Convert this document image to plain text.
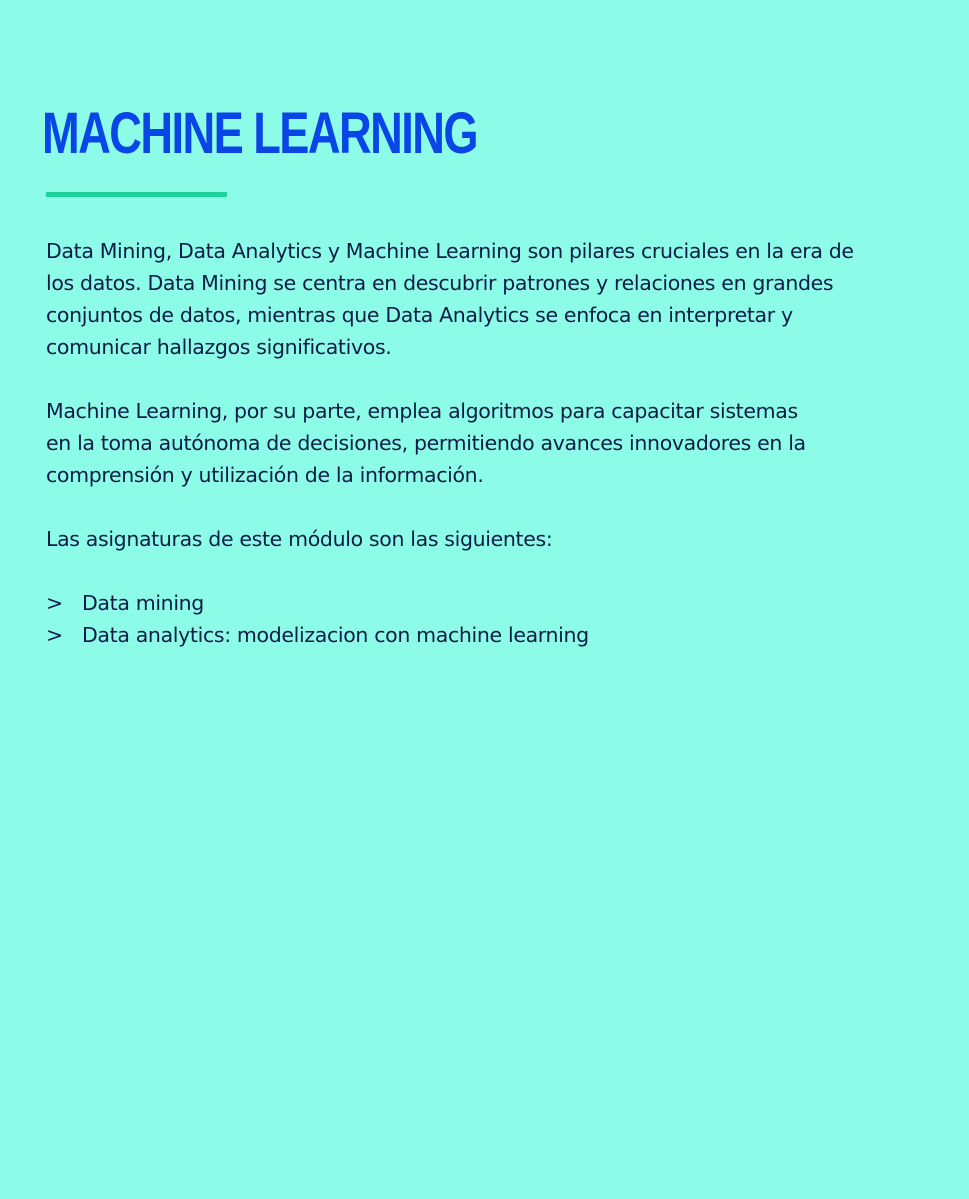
MACHINE LEARNING

Data Mining, Data Analytics y Machine Learning son pilares cruciales en la era de
los datos. Data Mining se centra en descubrir patrones y relaciones en grandes
conjuntos de datos, mientras que Data Analytics se enfoca en interpretar y
comunicar hallazgos significativos.

Machine Learning, por su parte, emplea algoritmos para capacitar sistemas
en la toma autónoma de decisiones, permitiendo avances innovadores en la
comprensión y utilización de la información.

Las asignaturas de este módulo son las siguientes:

> Data mining
> Data analytics: modelizacion con machine learning
